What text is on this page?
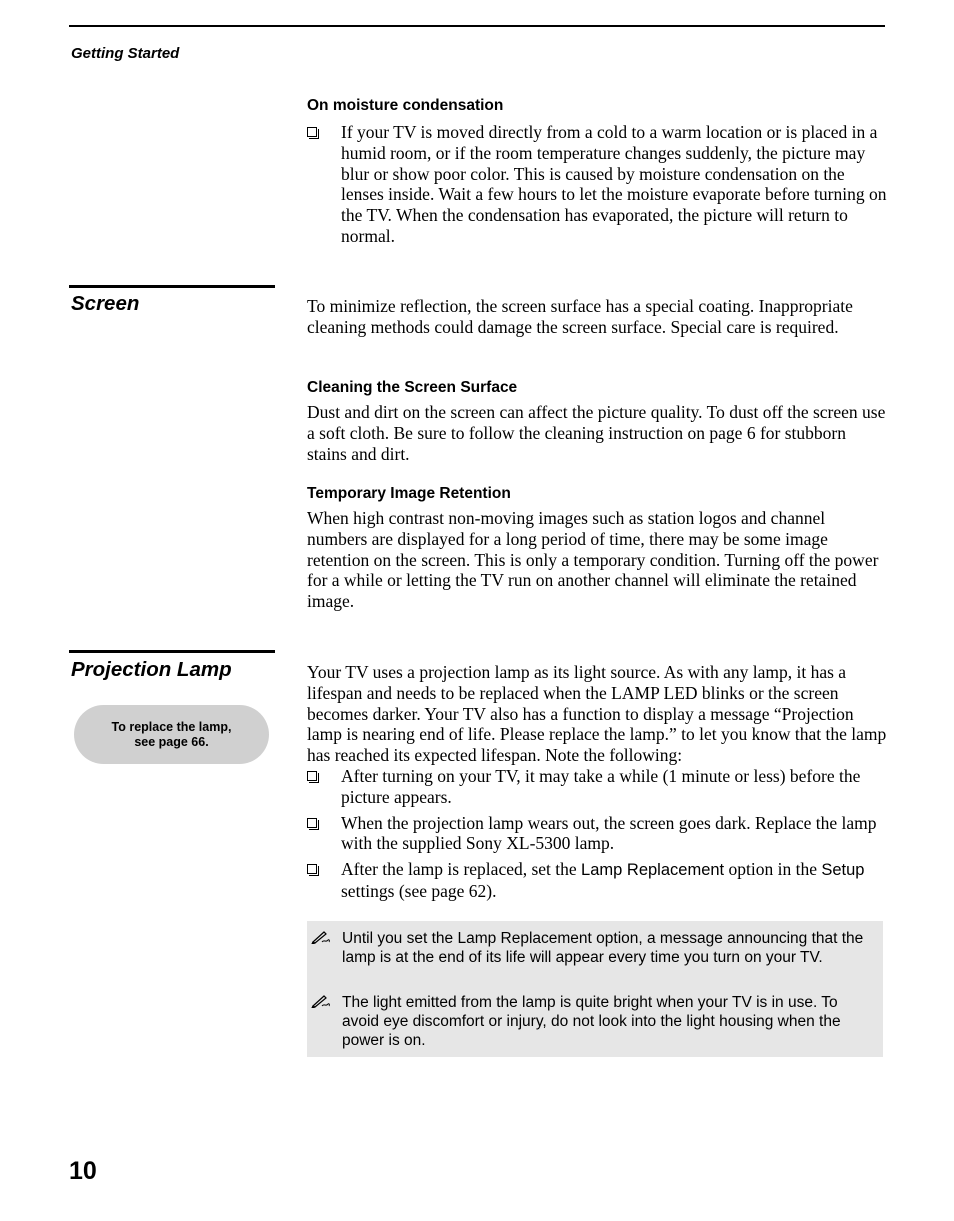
Getting Started
On moisture condensation
If your TV is moved directly from a cold to a warm location or is placed in a humid room, or if the room temperature changes suddenly, the picture may blur or show poor color. This is caused by moisture condensation on the lenses inside. Wait a few hours to let the moisture evaporate before turning on the TV. When the condensation has evaporated, the picture will return to normal.
Screen	To minimize reflection, the screen surface has a special coating. Inappropriate cleaning methods could damage the screen surface. Special care is required.

Cleaning the Screen Surface

Dust and dirt on the screen can affect the picture quality. To dust off the screen use a soft cloth. Be sure to follow the cleaning instruction on page 6 for stubborn stains and dirt.

Temporary Image Retention

When high contrast non-moving images such as station logos and channel numbers are displayed for a long period of time, there may be some image retention on the screen. This is only a temporary condition. Turning off the power for a while or letting the TV run on another channel will eliminate the retained image.

Projection Lamp
To replace the lamp,
see page 66.

Your TV uses a projection lamp as its light source. As with any lamp, it has a lifespan and needs to be replaced when the LAMP LED blinks or the screen becomes darker. Your TV also has a function to display a message “Projection lamp is nearing end of life. Please replace the lamp.” to let you know that the lamp has reached its expected lifespan. Note the following:

After turning on your TV, it may take a while (1 minute or less) before the picture appears.
When the projection lamp wears out, the screen goes dark. Replace the lamp with the supplied Sony XL-5300 lamp.
After the lamp is replaced, set the Lamp Replacement option in the Setup settings (see page 62).
Until you set the Lamp Replacement option, a message announcing that the lamp is at the end of its life will appear every time you turn on your TV.
The light emitted from the lamp is quite bright when your TV is in use. To avoid eye discomfort or injury, do not look into the light housing when the power is on.
10
